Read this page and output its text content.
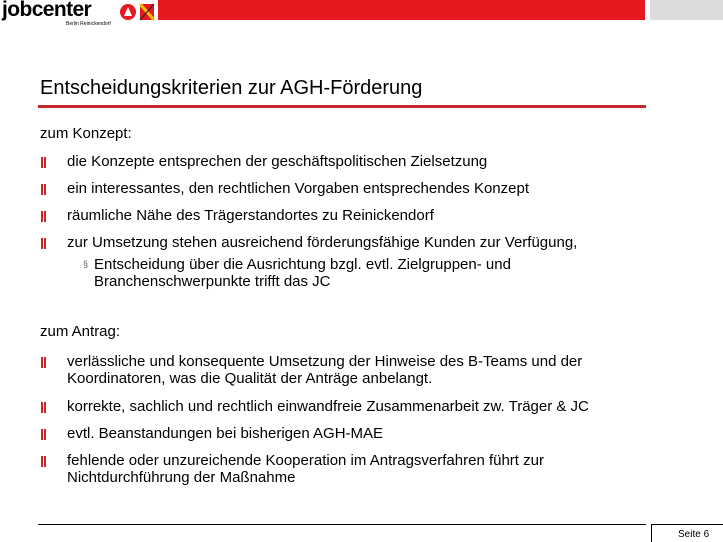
jobcenter
Berlin Reinickendorf
Entscheidungskriterien zur AGH-Förderung
zum Konzept:
die Konzepte entsprechen der geschäftspolitischen Zielsetzung
ein interessantes, den rechtlichen Vorgaben entsprechendes Konzept
räumliche Nähe des Trägerstandortes zu Reinickendorf
zur Umsetzung stehen ausreichend förderungsfähige Kunden zur Verfügung,
§ Entscheidung über die Ausrichtung bzgl. evtl. Zielgruppen- und Branchenschwerpunkte trifft das JC
zum Antrag:
verlässliche und konsequente Umsetzung der Hinweise des B-Teams und der Koordinatoren, was die Qualität der Anträge anbelangt.
korrekte, sachlich und rechtlich einwandfreie Zusammenarbeit zw. Träger & JC
evtl. Beanstandungen bei bisherigen AGH-MAE
fehlende oder unzureichende Kooperation im Antragsverfahren führt zur Nichtdurchführung der Maßnahme
Seite 6
